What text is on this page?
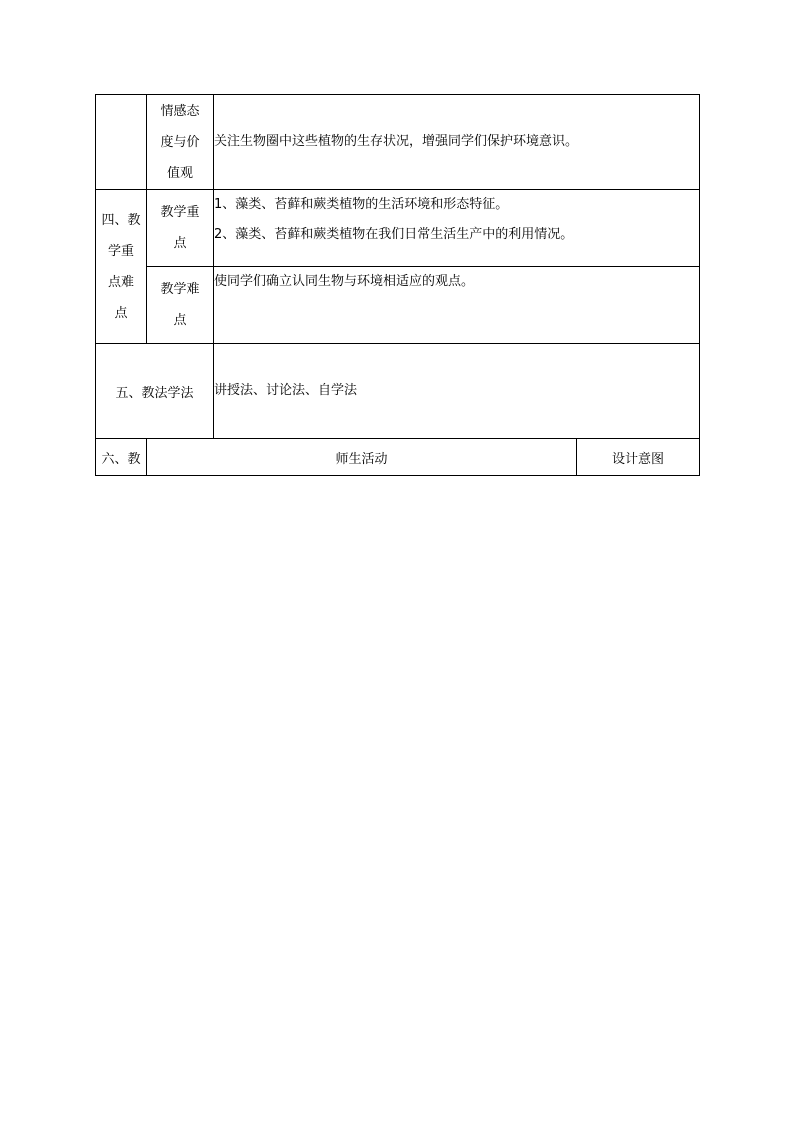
	情感态
度与价
值观	关注生物圈中这些植物的生存状况，增强同学们保护环境意识。	

四、教
学重
点难
点	教学重
点	1、藻类、苔藓和蕨类植物的生活环境和形态特征。
2、藻类、苔藓和蕨类植物在我们日常生活生产中的利用情况。	

	教学难
点	使同学们确立认同生物与环境相适应的观点。	
五、教法学法		讲授法、讨论法、自学法	
六、教	师生活动		设计意图
